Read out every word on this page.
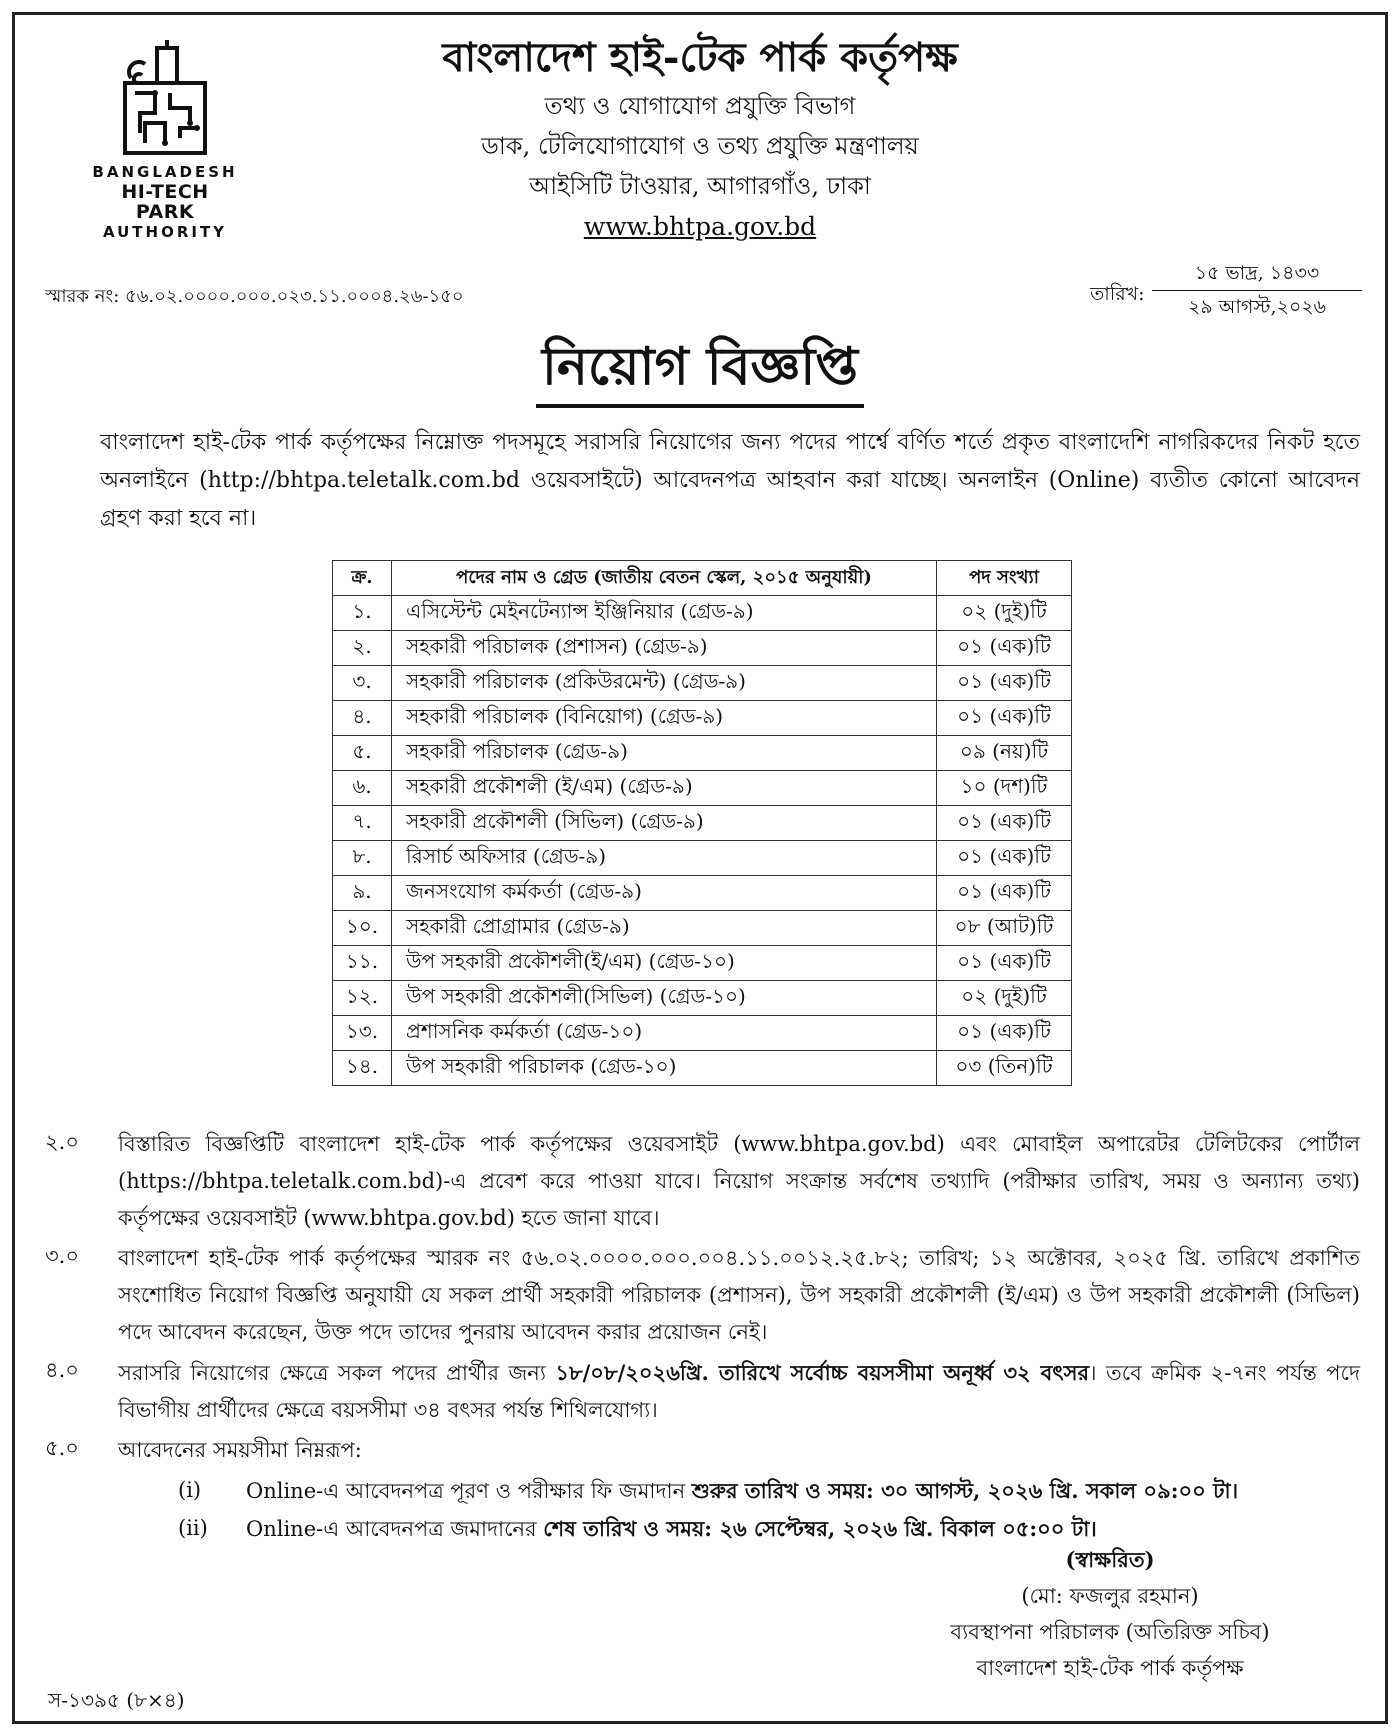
BANGLADESH
HI-TECH PARK
AUTHORITY

বাংলাদেশ হাই-টেক পার্ক কর্তৃপক্ষ

তথ্য ও যোগাযোগ প্রযুক্তি বিভাগ

ডাক, টেলিযোগাযোগ ও তথ্য প্রযুক্তি মন্ত্রণালয়

আইসিটি টাওয়ার, আগারগাঁও, ঢাকা

www.bhtpa.gov.bd
স্মারক নং: ৫৬.০২.০০০০.০০০.০২৩.১১.০০০৪.২৬-১৫০	তারিখ:
১৫ ভাদ্র, ১৪৩৩
২৯ আগস্ট,২০২৬
নিয়োগ বিজ্ঞপ্তি

বাংলাদেশ হাই-টেক পার্ক কর্তৃপক্ষের নিম্নোক্ত পদসমূহে সরাসরি নিয়োগের জন্য পদের পার্শ্বে বর্ণিত শর্তে প্রকৃত বাংলাদেশি নাগরিকদের নিকট হতে অনলাইনে (http://bhtpa.teletalk.com.bd ওয়েবসাইটে) আবেদনপত্র আহবান করা যাচ্ছে। অনলাইন (Online) ব্যতীত কোনো আবেদন গ্রহণ করা হবে না।

ক্র.	পদের নাম ও গ্রেড (জাতীয় বেতন স্কেল, ২০১৫ অনুযায়ী)	পদ সংখ্যা
১.	এসিস্টেন্ট মেইনটেন্যান্স ইঞ্জিনিয়ার (গ্রেড-৯)	০২ (দুই)টি
২.	সহকারী পরিচালক (প্রশাসন) (গ্রেড-৯)	০১ (এক)টি
৩.	সহকারী পরিচালক (প্রকিউরমেন্ট) (গ্রেড-৯)	০১ (এক)টি
৪.	সহকারী পরিচালক (বিনিয়োগ) (গ্রেড-৯)	০১ (এক)টি
৫.	সহকারী পরিচালক (গ্রেড-৯)	০৯ (নয়)টি
৬.	সহকারী প্রকৌশলী (ই/এম) (গ্রেড-৯)	১০ (দশ)টি
৭.	সহকারী প্রকৌশলী (সিভিল) (গ্রেড-৯)	০১ (এক)টি
৮.	রিসার্চ অফিসার (গ্রেড-৯)	০১ (এক)টি
৯.	জনসংযোগ কর্মকর্তা (গ্রেড-৯)	০১ (এক)টি
১০.	সহকারী প্রোগ্রামার (গ্রেড-৯)	০৮ (আট)টি
১১.	উপ সহকারী প্রকৌশলী(ই/এম) (গ্রেড-১০)	০১ (এক)টি
১২.	উপ সহকারী প্রকৌশলী(সিভিল) (গ্রেড-১০)	০২ (দুই)টি
১৩.	প্রশাসনিক কর্মকর্তা (গ্রেড-১০)	০১ (এক)টি
১৪.	উপ সহকারী পরিচালক (গ্রেড-১০)	০৩ (তিন)টি
২.০	বিস্তারিত বিজ্ঞপ্তিটি বাংলাদেশ হাই-টেক পার্ক কর্তৃপক্ষের ওয়েবসাইট (www.bhtpa.gov.bd) এবং মোবাইল অপারেটর টেলিটকের পোর্টাল (https://bhtpa.teletalk.com.bd)-এ প্রবেশ করে পাওয়া যাবে। নিয়োগ সংক্রান্ত সর্বশেষ তথ্যাদি (পরীক্ষার তারিখ, সময় ও অন্যান্য তথ্য) কর্তৃপক্ষের ওয়েবসাইট (www.bhtpa.gov.bd) হতে জানা যাবে।
৩.০	বাংলাদেশ হাই-টেক পার্ক কর্তৃপক্ষের স্মারক নং ৫৬.০২.০০০০.০০০.০০৪.১১.০০১২.২৫.৮২; তারিখ; ১২ অক্টোবর, ২০২৫ খ্রি. তারিখে প্রকাশিত সংশোধিত নিয়োগ বিজ্ঞপ্তি অনুযায়ী যে সকল প্রার্থী সহকারী পরিচালক (প্রশাসন), উপ সহকারী প্রকৌশলী (ই/এম) ও উপ সহকারী প্রকৌশলী (সিভিল) পদে আবেদন করেছেন, উক্ত পদে তাদের পুনরায় আবেদন করার প্রয়োজন নেই।
৪.০	সরাসরি নিয়োগের ক্ষেত্রে সকল পদের প্রার্থীর জন্য ১৮/০৮/২০২৬খ্রি. তারিখে সর্বোচ্চ বয়সসীমা অনূর্ধ্ব ৩২ বৎসর। তবে ক্রমিক ২-৭নং পর্যন্ত পদে বিভাগীয় প্রার্থীদের ক্ষেত্রে বয়সসীমা ৩৪ বৎসর পর্যন্ত শিথিলযোগ্য।
৫.০	আবেদনের সময়সীমা নিম্নরূপ:
(i) Online-এ আবেদনপত্র পূরণ ও পরীক্ষার ফি জমাদান শুরুর তারিখ ও সময়: ৩০ আগস্ট, ২০২৬ খ্রি. সকাল ০৯:০০ টা।
(ii) Online-এ আবেদনপত্র জমাদানের শেষ তারিখ ও সময়: ২৬ সেপ্টেম্বর, ২০২৬ খ্রি. বিকাল ০৫:০০ টা।
(স্বাক্ষরিত)
(মো: ফজলুর রহমান)
ব্যবস্থাপনা পরিচালক (অতিরিক্ত সচিব)
বাংলাদেশ হাই-টেক পার্ক কর্তৃপক্ষ
স-১৩৯৫ (৮×৪)
